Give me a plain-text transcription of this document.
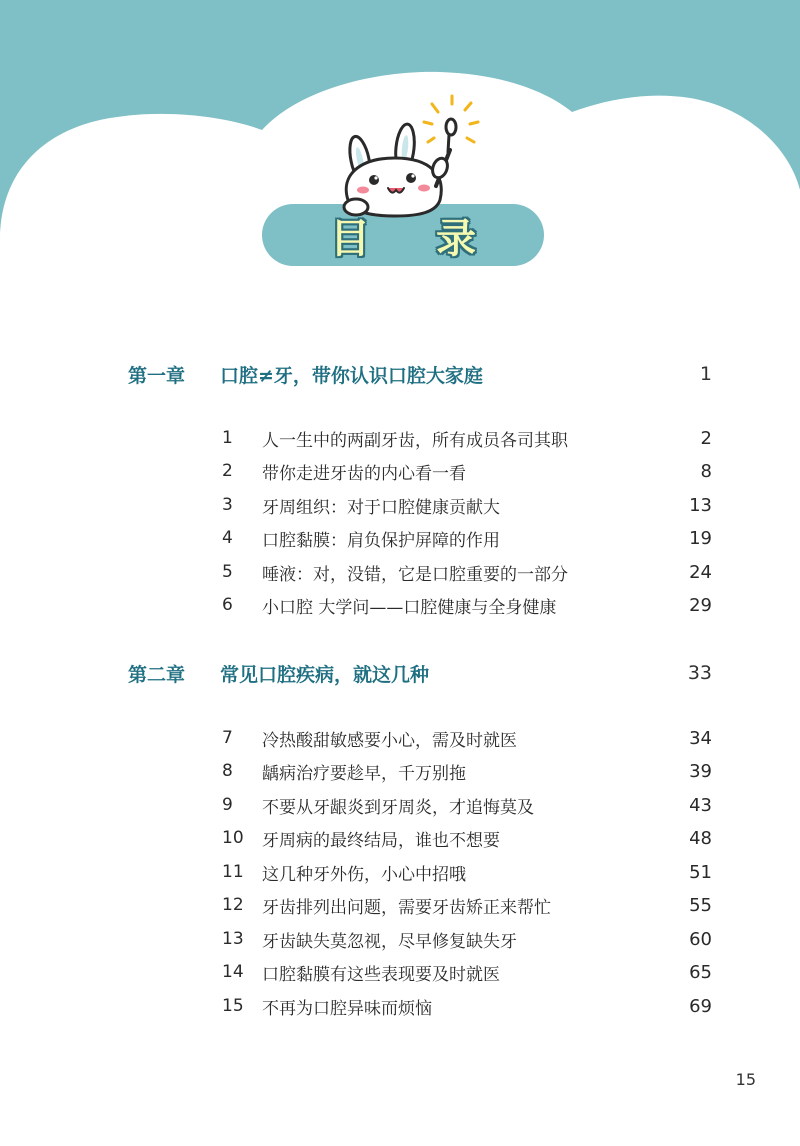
目 录
第一章	口腔≠牙，带你认识口腔大家庭	1
1	人一生中的两副牙齿，所有成员各司其职	2
2	带你走进牙齿的内心看一看	8
3	牙周组织：对于口腔健康贡献大	13
4	口腔黏膜：肩负保护屏障的作用	19
5	唾液：对，没错，它是口腔重要的一部分	24
6	小口腔 大学问——口腔健康与全身健康	29
第二章	常见口腔疾病，就这几种	33
7	冷热酸甜敏感要小心，需及时就医	34
8	龋病治疗要趁早，千万别拖	39
9	不要从牙龈炎到牙周炎，才追悔莫及	43
10	牙周病的最终结局，谁也不想要	48
11	这几种牙外伤，小心中招哦	51
12	牙齿排列出问题，需要牙齿矫正来帮忙	55
13	牙齿缺失莫忽视，尽早修复缺失牙	60
14	口腔黏膜有这些表现要及时就医	65
15	不再为口腔异味而烦恼	69
15
